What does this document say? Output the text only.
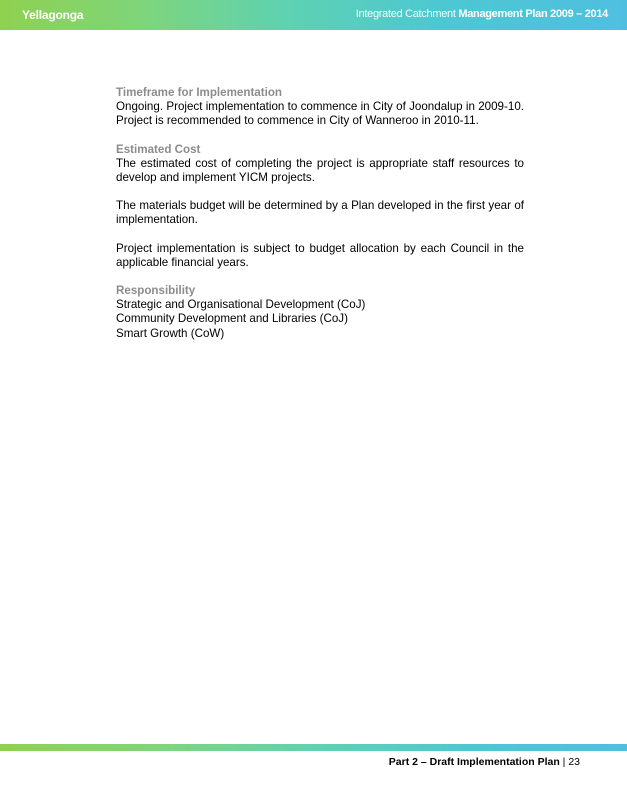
Yellagonga	Integrated Catchment Management Plan 2009 – 2014
Timeframe for Implementation

Ongoing. Project implementation to commence in City of Joondalup in 2009-10. Project is recommended to commence in City of Wanneroo in 2010-11.

Estimated Cost

The estimated cost of completing the project is appropriate staff resources to develop and implement YICM projects.

The materials budget will be determined by a Plan developed in the first year of implementation.

Project implementation is subject to budget allocation by each Council in the applicable financial years.

Responsibility
Strategic and Organisational Development (CoJ)
Community Development and Libraries (CoJ)
Smart Growth (CoW)
Part 2 – Draft Implementation Plan | 23
